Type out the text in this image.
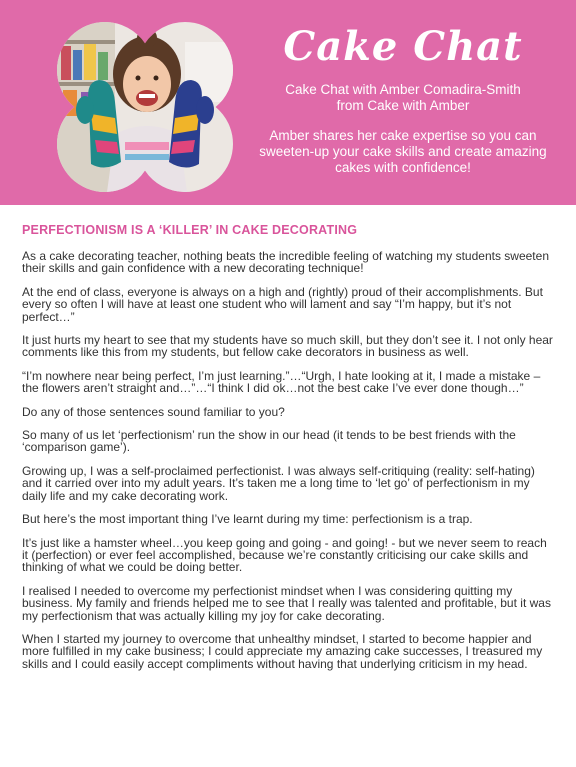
Cake Chat

Cake Chat with Amber Comadira-Smith

from Cake with Amber

Amber shares her cake expertise so you can sweeten-up your cake skills and create amazing cakes with confidence!

PERFECTIONISM IS A ‘KILLER’ IN CAKE DECORATING

As a cake decorating teacher, nothing beats the incredible feeling of watching my students sweeten their skills and gain confidence with a new decorating technique!

At the end of class, everyone is always on a high and (rightly) proud of their accomplishments. But every so often I will have at least one student who will lament and say “I’m happy, but it’s not perfect…”

It just hurts my heart to see that my students have so much skill, but they don’t see it. I not only hear comments like this from my students, but fellow cake decorators in business as well.

“I’m nowhere near being perfect, I’m just learning.”…“Urgh, I hate looking at it, I made a mistake – the flowers aren’t straight and…”…“I think I did ok…not the best cake I’ve ever done though…”

Do any of those sentences sound familiar to you?

So many of us let ‘perfectionism’ run the show in our head (it tends to be best friends with the ‘comparison game’).

Growing up, I was a self-proclaimed perfectionist. I was always self-critiquing (reality: self-hating) and it carried over into my adult years. It’s taken me a long time to ‘let go’ of perfectionism in my daily life and my cake decorating work.

But here’s the most important thing I’ve learnt during my time: perfectionism is a trap.

It’s just like a hamster wheel…you keep going and going - and going! - but we never seem to reach it (perfection) or ever feel accomplished, because we’re constantly criticising our cake skills and thinking of what we could be doing better.

I realised I needed to overcome my perfectionist mindset when I was considering quitting my business. My family and friends helped me to see that I really was talented and profitable, but it was my perfectionism that was actually killing my joy for cake decorating.

When I started my journey to overcome that unhealthy mindset, I started to become happier and more fulfilled in my cake business; I could appreciate my amazing cake successes, I treasured my skills and I could easily accept compliments without having that underlying criticism in my head.
